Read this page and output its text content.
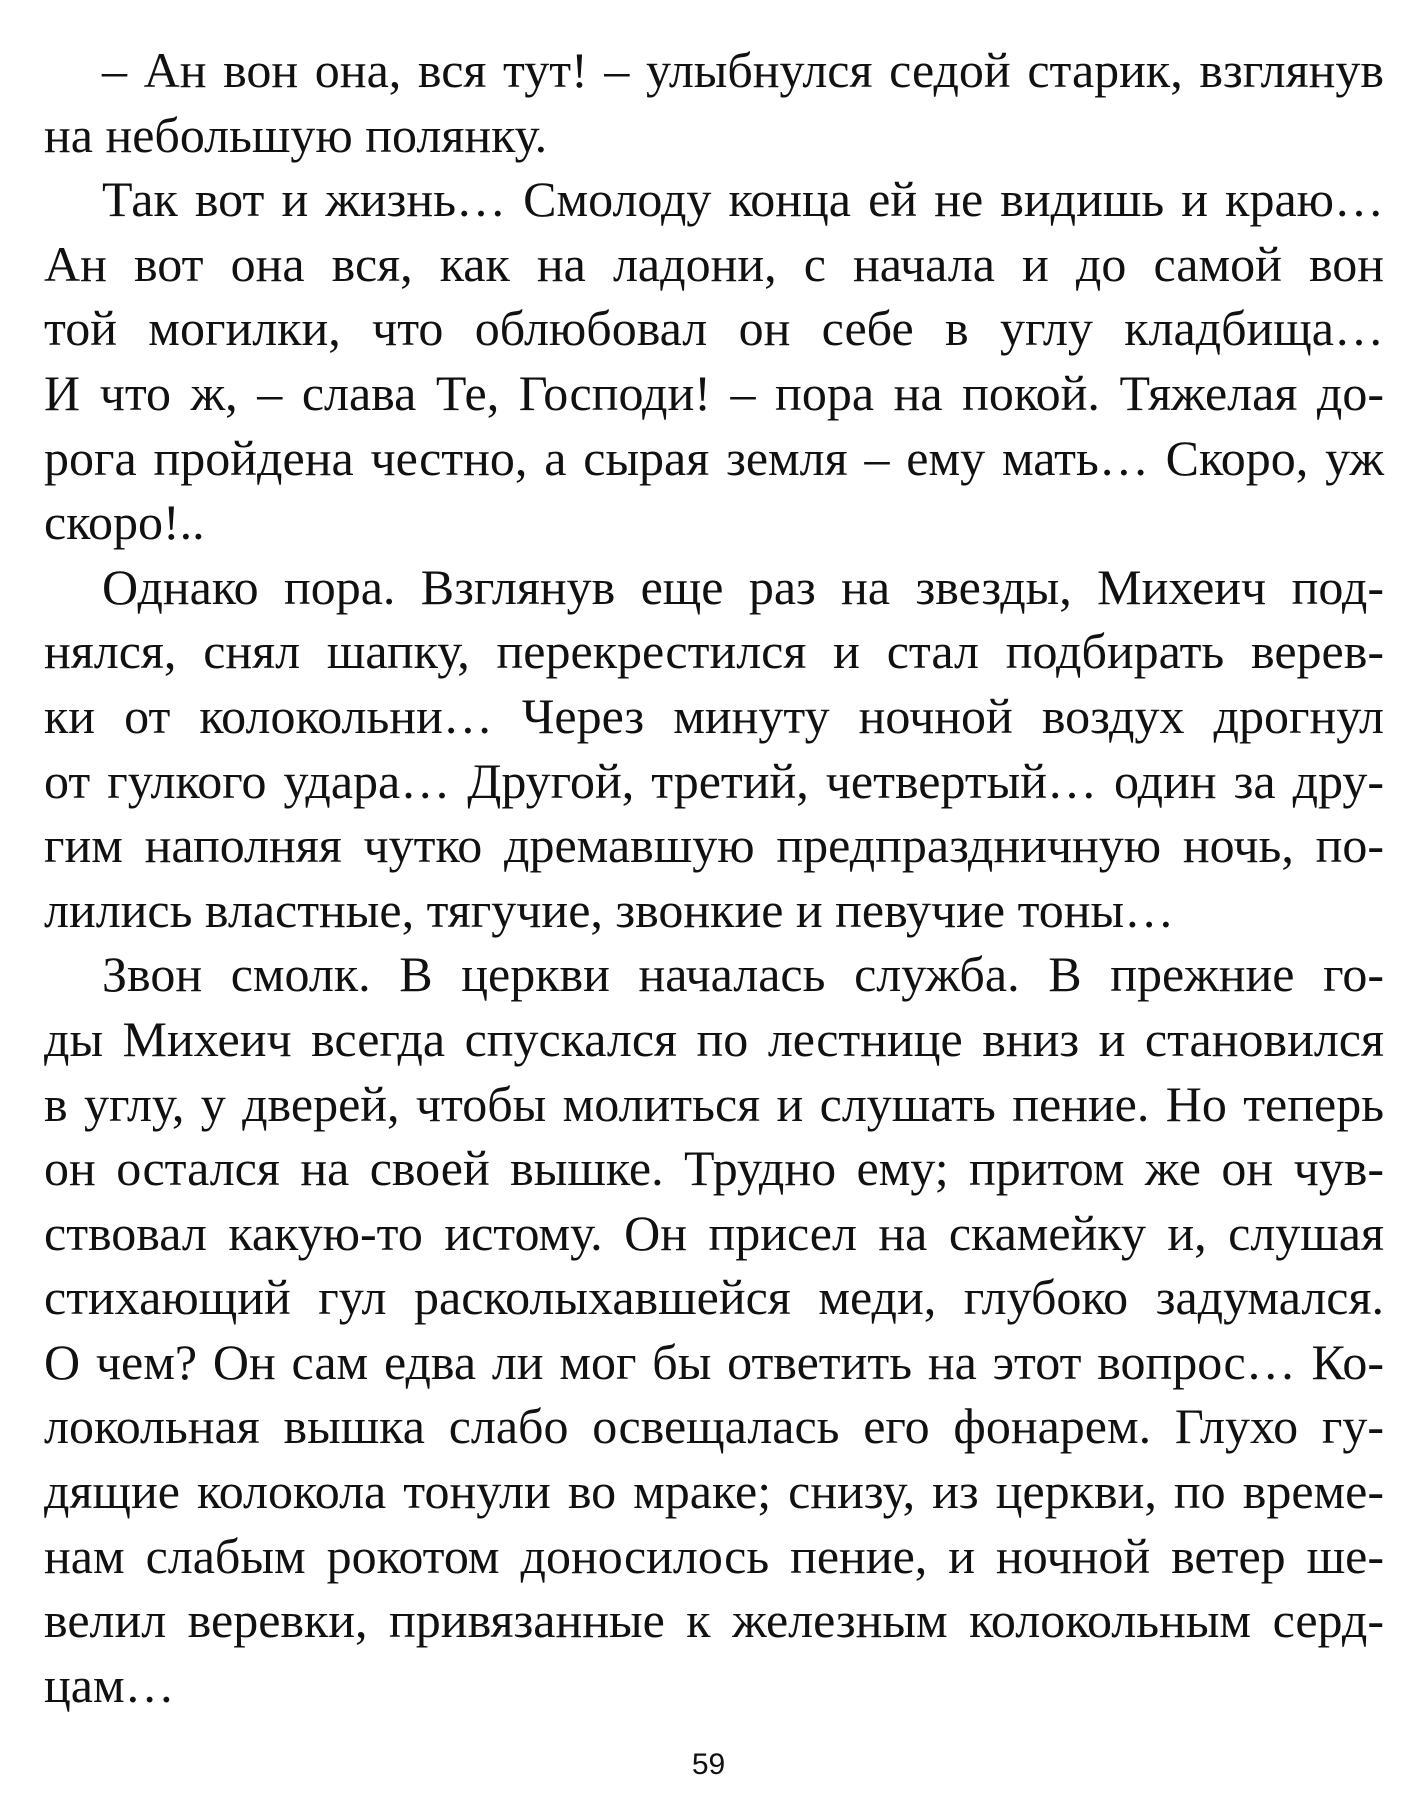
– Ан вон она, вся тут! – улыбнулся седой старик, взглянув
на небольшую полянку.
Так вот и жизнь… Смолоду конца ей не видишь и краю…
Ан вот она вся, как на ладони, с начала и до самой вон
той могилки, что облюбовал он себе в углу кладбища…
И что ж, – слава Те, Господи! – пора на покой. Тяжелая до-
рога пройдена честно, а сырая земля – ему мать… Скоро, уж
скоро!..
Однако пора. Взглянув еще раз на звезды, Михеич под-
нялся, снял шапку, перекрестился и стал подбирать верев-
ки от колокольни… Через минуту ночной воздух дрогнул
от гулкого удара… Другой, третий, четвертый… один за дру-
гим наполняя чутко дремавшую предпраздничную ночь, по-
лились властные, тягучие, звонкие и певучие тоны…
Звон смолк. В церкви началась служба. В прежние го-
ды Михеич всегда спускался по лестнице вниз и становился
в углу, у дверей, чтобы молиться и слушать пение. Но теперь
он остался на своей вышке. Трудно ему; притом же он чув-
ствовал какую-то истому. Он присел на скамейку и, слушая
стихающий гул расколыхавшейся меди, глубоко задумался.
О чем? Он сам едва ли мог бы ответить на этот вопрос… Ко-
локольная вышка слабо освещалась его фонарем. Глухо гу-
дящие колокола тонули во мраке; снизу, из церкви, по време-
нам слабым рокотом доносилось пение, и ночной ветер ше-
велил веревки, привязанные к железным колокольным серд-
цам…
59
